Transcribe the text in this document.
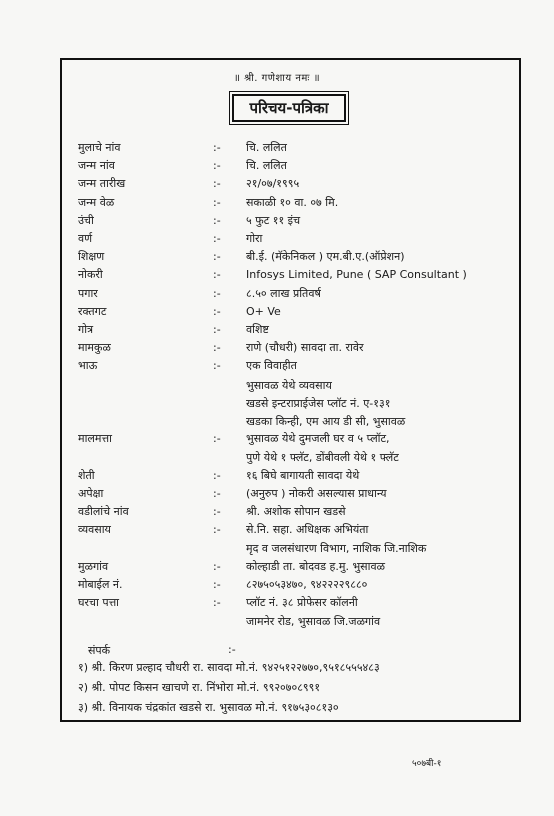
॥ श्री. गणेशाय नमः ॥
परिचय-पत्रिका
मुलाचे नांव	:- चि. ललित
जन्म नांव	:- चि. ललित
जन्म तारीख	:- २१/०७/१९९५
जन्म वेळ	:- सकाळी १० वा. ०७ मि.
उंची	:- ५ फुट ११ इंच
वर्ण	:- गोरा
शिक्षण	:- बी.ई. (मॅकेनिकल ) एम.बी.ए.(ऑप्रेशन)
नोकरी	:- Infosys Limited, Pune ( SAP Consultant )
पगार	:- ८.५० लाख प्रतिवर्ष
रक्तगट	:- O+ Ve
गोत्र	:- वशिष्ट
मामकुळ	:- राणे (चौधरी) सावदा ता. रावेर
भाऊ	:- एक विवाहीत
भुसावळ येथे व्यवसाय
खडसे इन्टराप्राईजेस प्लॉट नं. ए-१३१
खडका किन्ही, एम आय डी सी, भुसावळ
मालमत्ता	:- भुसावळ येथे दुमजली घर व ५ प्लॉट,
पुणे येथे १ फ्लॅट, डोंबीवली येथे १ फ्लॅट
शेती	:- १६ बिघे बागायती सावदा येथे
अपेक्षा	:- (अनुरुप ) नोकरी असल्यास प्राधान्य
वडीलांचे नांव	:- श्री. अशोक सोपान खडसे
व्यवसाय	:- से.नि. सहा. अधिक्षक अभियंता
मृद व जलसंधारण विभाग, नाशिक जि.नाशिक
मुळगांव	:- कोल्हाडी ता. बोदवड ह.मु. भुसावळ
मोबाईल नं.	:- ८२७५०५३४७०, ९४२२२२९८८०
घरचा पत्ता	:- प्लॉट नं. ३८ प्रोफेसर कॉलनी
जामनेर रोड, भुसावळ जि.जळगांव
संपर्क	:-
१) श्री. किरण प्रल्हाद चौधरी रा. सावदा मो.नं. ९४२५१२२७७०,९५१८५५५४८३
२) श्री. पोपट किसन खाचणे रा. निंभोरा मो.नं. ९९२०७०८९९१
३) श्री. विनायक चंद्रकांत खडसे रा. भुसावळ मो.नं. ९१७५३०८१३०
५०७बी-१
